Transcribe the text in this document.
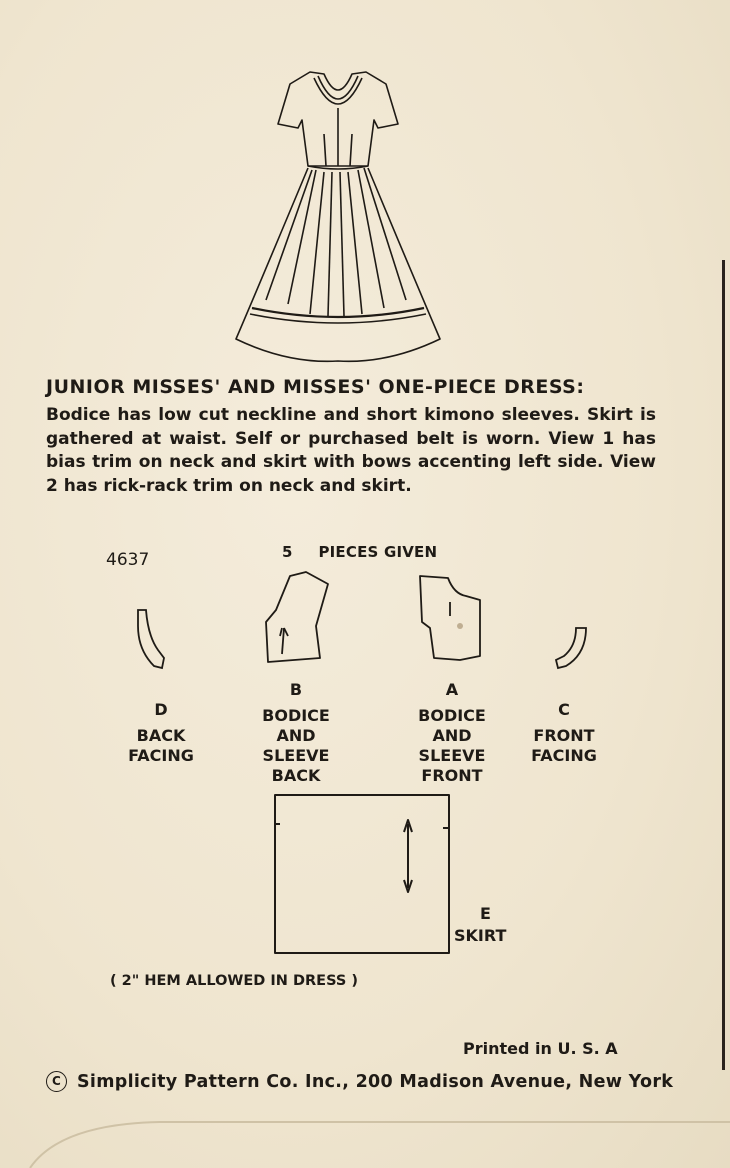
JUNIOR MISSES' AND MISSES' ONE-PIECE DRESS:
Bodice has low cut neckline and short kimono sleeves. Skirt is gathered at waist. Self or purchased belt is worn. View 1 has bias trim on neck and skirt with bows accenting left side. View 2 has rick-rack trim on neck and skirt.
4637	5 PIECES GIVEN
D
BACK
FACING
B
BODICE
AND
SLEEVE
BACK
A
BODICE
AND
SLEEVE
FRONT
C
FRONT
FACING
E
SKIRT
( 2" HEM ALLOWED IN DRESS )
Printed in U. S. A
C Simplicity Pattern Co. Inc., 200 Madison Avenue, New York
